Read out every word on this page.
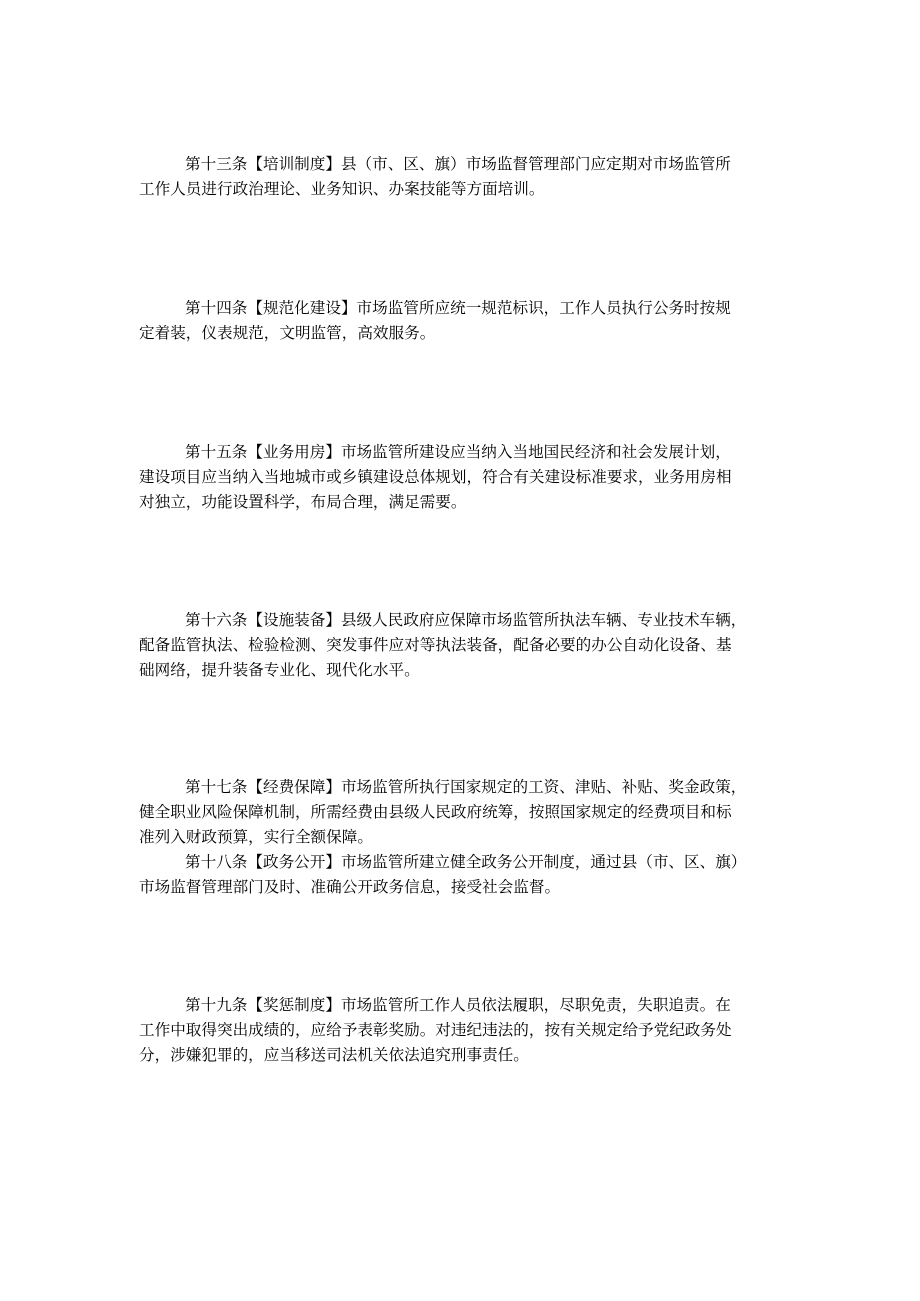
第十三条【培训制度】县（市、区、旗）市场监督管理部门应定期对市场监管所
工作人员进行政治理论、业务知识、办案技能等方面培训。

第十四条【规范化建设】市场监管所应统一规范标识，工作人员执行公务时按规
定着装，仪表规范，文明监管，高效服务。

第十五条【业务用房】市场监管所建设应当纳入当地国民经济和社会发展计划，
建设项目应当纳入当地城市或乡镇建设总体规划，符合有关建设标准要求，业务用房相
对独立，功能设置科学，布局合理，满足需要。

第十六条【设施装备】县级人民政府应保障市场监管所执法车辆、专业技术车辆，
配备监管执法、检验检测、突发事件应对等执法装备，配备必要的办公自动化设备、基
础网络，提升装备专业化、现代化水平。

第十七条【经费保障】市场监管所执行国家规定的工资、津贴、补贴、奖金政策，
健全职业风险保障机制，所需经费由县级人民政府统筹，按照国家规定的经费项目和标
准列入财政预算，实行全额保障。

第十八条【政务公开】市场监管所建立健全政务公开制度，通过县（市、区、旗）
市场监督管理部门及时、准确公开政务信息，接受社会监督。

第十九条【奖惩制度】市场监管所工作人员依法履职，尽职免责，失职追责。在
工作中取得突出成绩的，应给予表彰奖励。对违纪违法的，按有关规定给予党纪政务处
分，涉嫌犯罪的，应当移送司法机关依法追究刑事责任。
